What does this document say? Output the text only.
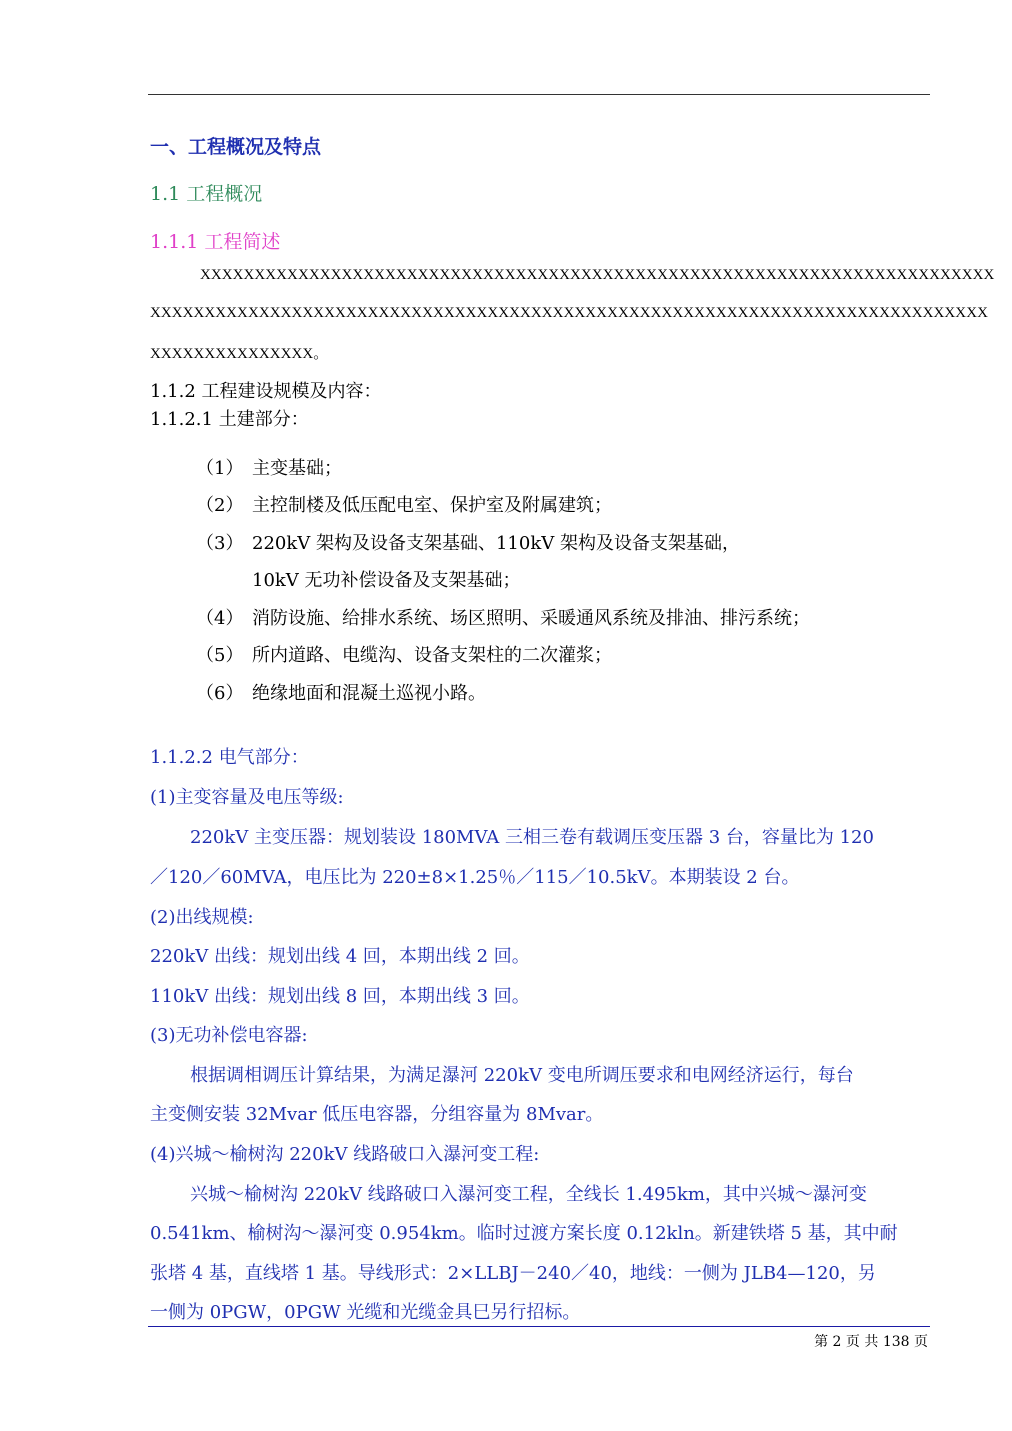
一、工程概况及特点
1.1 工程概况
1.1.1 工程简述
XXXXXXXXXXXXXXXXXXXXXXXXXXXXXXXXXXXXXXXXXXXXXXXXXXXXXXXXXXXXXXXXXXXXXXXXX
XXXXXXXXXXXXXXXXXXXXXXXXXXXXXXXXXXXXXXXXXXXXXXXXXXXXXXXXXXXXXXXXXXXXXXXXXXXXX
XXXXXXXXXXXXXXX。
1.1.2 工程建设规模及内容：
1.1.2.1 土建部分：
（1） 主变基础；
（2） 主控制楼及低压配电室、保护室及附属建筑；
（3） 220kV 架构及设备支架基础、110kV 架构及设备支架基础，
10kV 无功补偿设备及支架基础；
（4） 消防设施、给排水系统、场区照明、采暖通风系统及排油、排污系统；
（5） 所内道路、电缆沟、设备支架柱的二次灌浆；
（6） 绝缘地面和混凝土巡视小路。
1.1.2.2 电气部分：
(1)主变容量及电压等级:
220kV 主变压器：规划装设 180MVA 三相三卷有载调压变压器 3 台，容量比为 120
／120／60MVA，电压比为 220±8×1.25％／115／10.5kV。本期装设 2 台。
(2)出线规模:
220kV 出线：规划出线 4 回，本期出线 2 回。
110kV 出线：规划出线 8 回，本期出线 3 回。
(3)无功补偿电容器:
根据调相调压计算结果，为满足瀑河 220kV 变电所调压要求和电网经济运行，每台
主变侧安装 32Mvar 低压电容器，分组容量为 8Mvar。
(4)兴城～榆树沟 220kV 线路破口入瀑河变工程:
兴城～榆树沟 220kV 线路破口入瀑河变工程，全线长 1.495km，其中兴城～瀑河变
0.541km、榆树沟～瀑河变 0.954km。临时过渡方案长度 0.12kln。新建铁塔 5 基，其中耐
张塔 4 基，直线塔 1 基。导线形式：2×LLBJ－240／40，地线：一侧为 JLB4—120，另
一侧为 0PGW，0PGW 光缆和光缆金具巳另行招标。
第 2 页 共 138 页
